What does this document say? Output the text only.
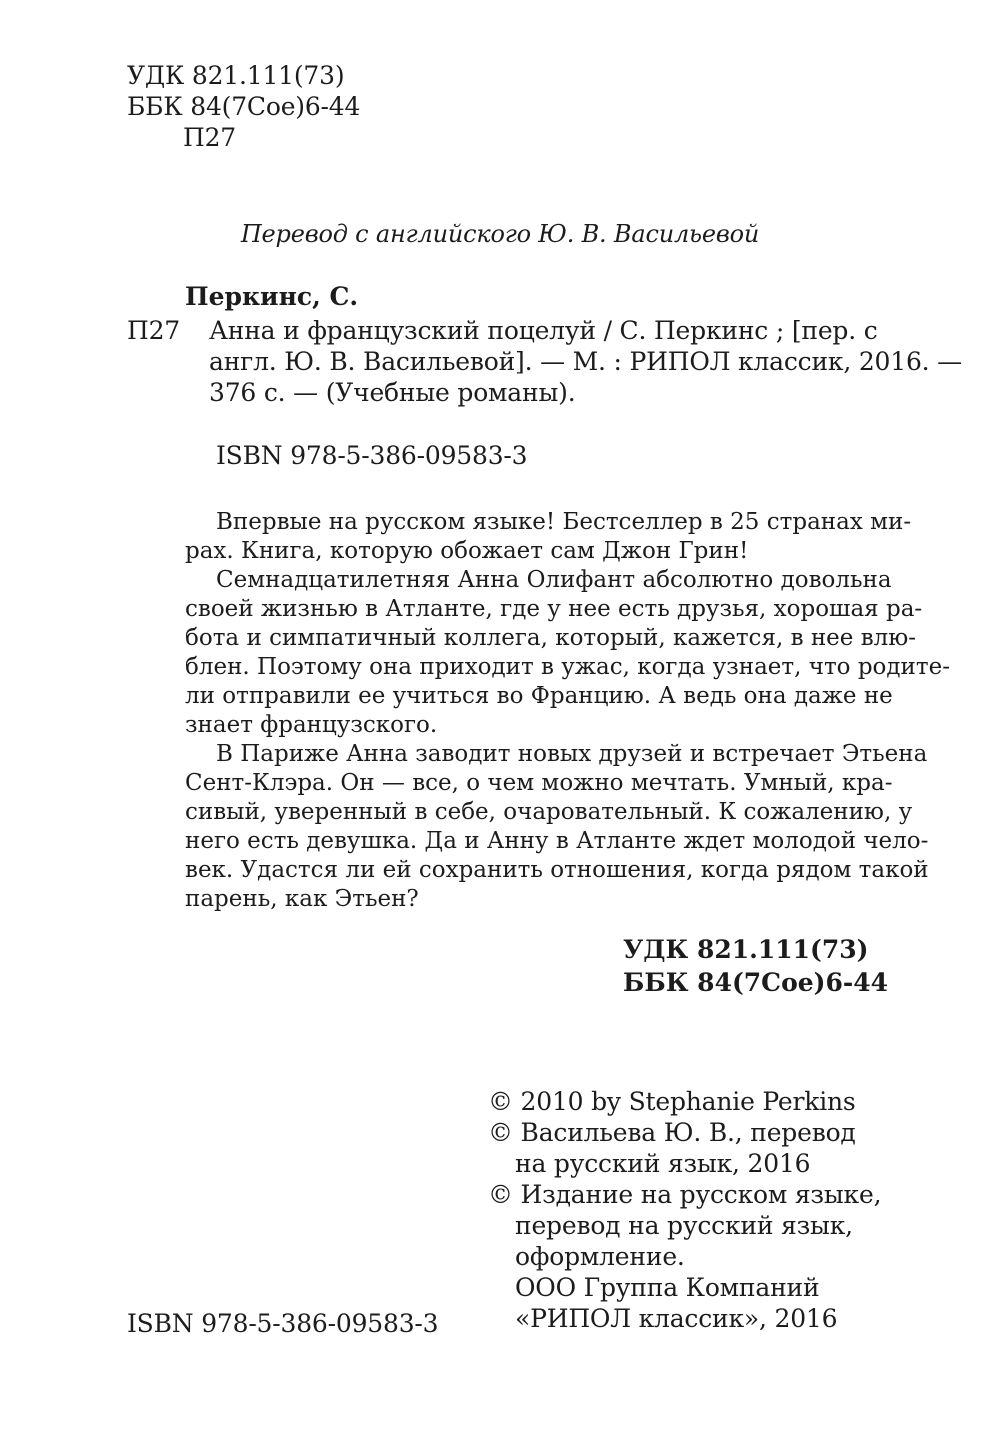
УДК 821.111(73)
ББК 84(7Сое)6-44
П27
Перевод с английского Ю. В. Васильевой
Перкинс, С.
П27 Анна и французский поцелуй / С. Перкинс ; [пер. с
англ. Ю. В. Васильевой]. — М. : РИПОЛ классик, 2016. —
376 с. — (Учебные романы).
ISBN 978-5-386-09583-3
Впервые на русском языке! Бестселлер в 25 странах ми-
рах. Книга, которую обожает сам Джон Грин!
Семнадцатилетняя Анна Олифант абсолютно довольна
своей жизнью в Атланте, где у нее есть друзья, хорошая ра-
бота и симпатичный коллега, который, кажется, в нее влю-
блен. Поэтому она приходит в ужас, когда узнает, что родите-
ли отправили ее учиться во Францию. А ведь она даже не
знает французского.
В Париже Анна заводит новых друзей и встречает Этьена
Сент-Клэра. Он — все, о чем можно мечтать. Умный, кра-
сивый, уверенный в себе, очаровательный. К сожалению, у
него есть девушка. Да и Анну в Атланте ждет молодой чело-
век. Удастся ли ей сохранить отношения, когда рядом такой
парень, как Этьен?
УДК 821.111(73)
ББК 84(7Сое)6-44
© 2010 by Stephanie Perkins
© Васильева Ю. В., перевод
на русский язык, 2016
© Издание на русском языке,
перевод на русский язык,
оформление.
ООО Группа Компаний
«РИПОЛ классик», 2016
ISBN 978-5-386-09583-3
